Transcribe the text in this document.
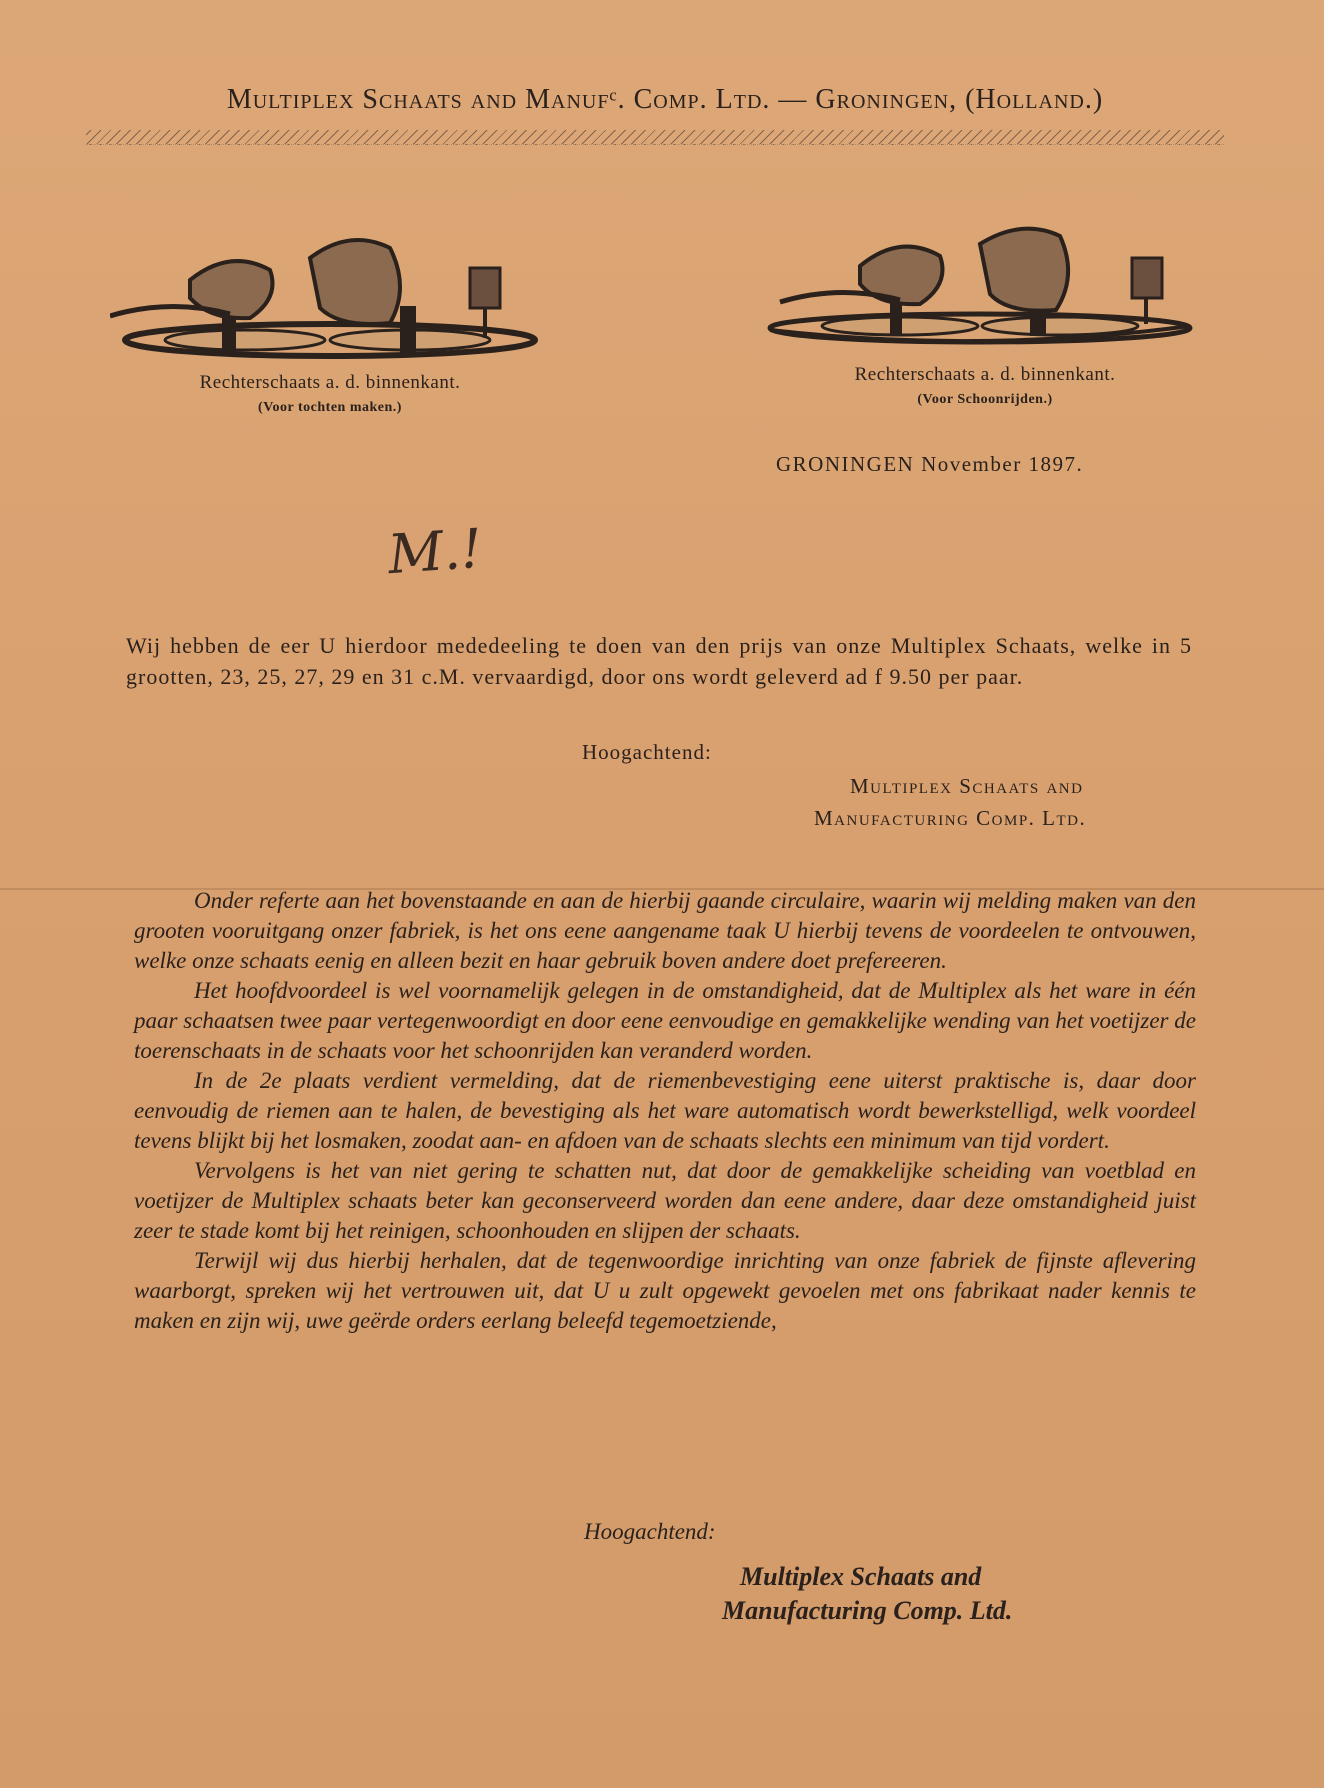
Multiplex Schaats and Manufᶜ. Comp. Ltd. — Groningen, (Holland.)
Rechterschaats a. d. binnenkant.
(Voor tochten maken.)
Rechterschaats a. d. binnenkant.
(Voor Schoonrijden.)
GRONINGEN November 1897.
M.!
Wij hebben de eer U hierdoor mededeeling te doen van den prijs van onze Multiplex Schaats, welke in 5 grootten, 23, 25, 27, 29 en 31 c.M. vervaardigd, door ons wordt geleverd ad f 9.50 per paar.
Hoogachtend:
Multiplex Schaats and
Manufacturing Comp. Ltd.

Onder referte aan het bovenstaande en aan de hierbij gaande circulaire, waarin wij melding maken van den grooten vooruitgang onzer fabriek, is het ons eene aangename taak U hierbij tevens de voordeelen te ontvouwen, welke onze schaats eenig en alleen bezit en haar gebruik boven andere doet prefereeren.

Het hoofdvoordeel is wel voornamelijk gelegen in de omstandigheid, dat de Multiplex als het ware in één paar schaatsen twee paar vertegenwoordigt en door eene eenvoudige en gemakkelijke wending van het voetijzer de toerenschaats in de schaats voor het schoonrijden kan veranderd worden.

In de 2e plaats verdient vermelding, dat de riemenbevestiging eene uiterst praktische is, daar door eenvoudig de riemen aan te halen, de bevestiging als het ware automatisch wordt bewerkstelligd, welk voordeel tevens blijkt bij het losmaken, zoodat aan- en afdoen van de schaats slechts een minimum van tijd vordert.

Vervolgens is het van niet gering te schatten nut, dat door de gemakkelijke scheiding van voetblad en voetijzer de Multiplex schaats beter kan geconserveerd worden dan eene andere, daar deze omstandigheid juist zeer te stade komt bij het reinigen, schoonhouden en slijpen der schaats.

Terwijl wij dus hierbij herhalen, dat de tegenwoordige inrichting van onze fabriek de fijnste aflevering waarborgt, spreken wij het vertrouwen uit, dat U u zult opgewekt gevoelen met ons fabrikaat nader kennis te maken en zijn wij, uwe geërde orders eerlang beleefd tegemoetziende,

Hoogachtend:
Multiplex Schaats and
Manufacturing Comp. Ltd.
